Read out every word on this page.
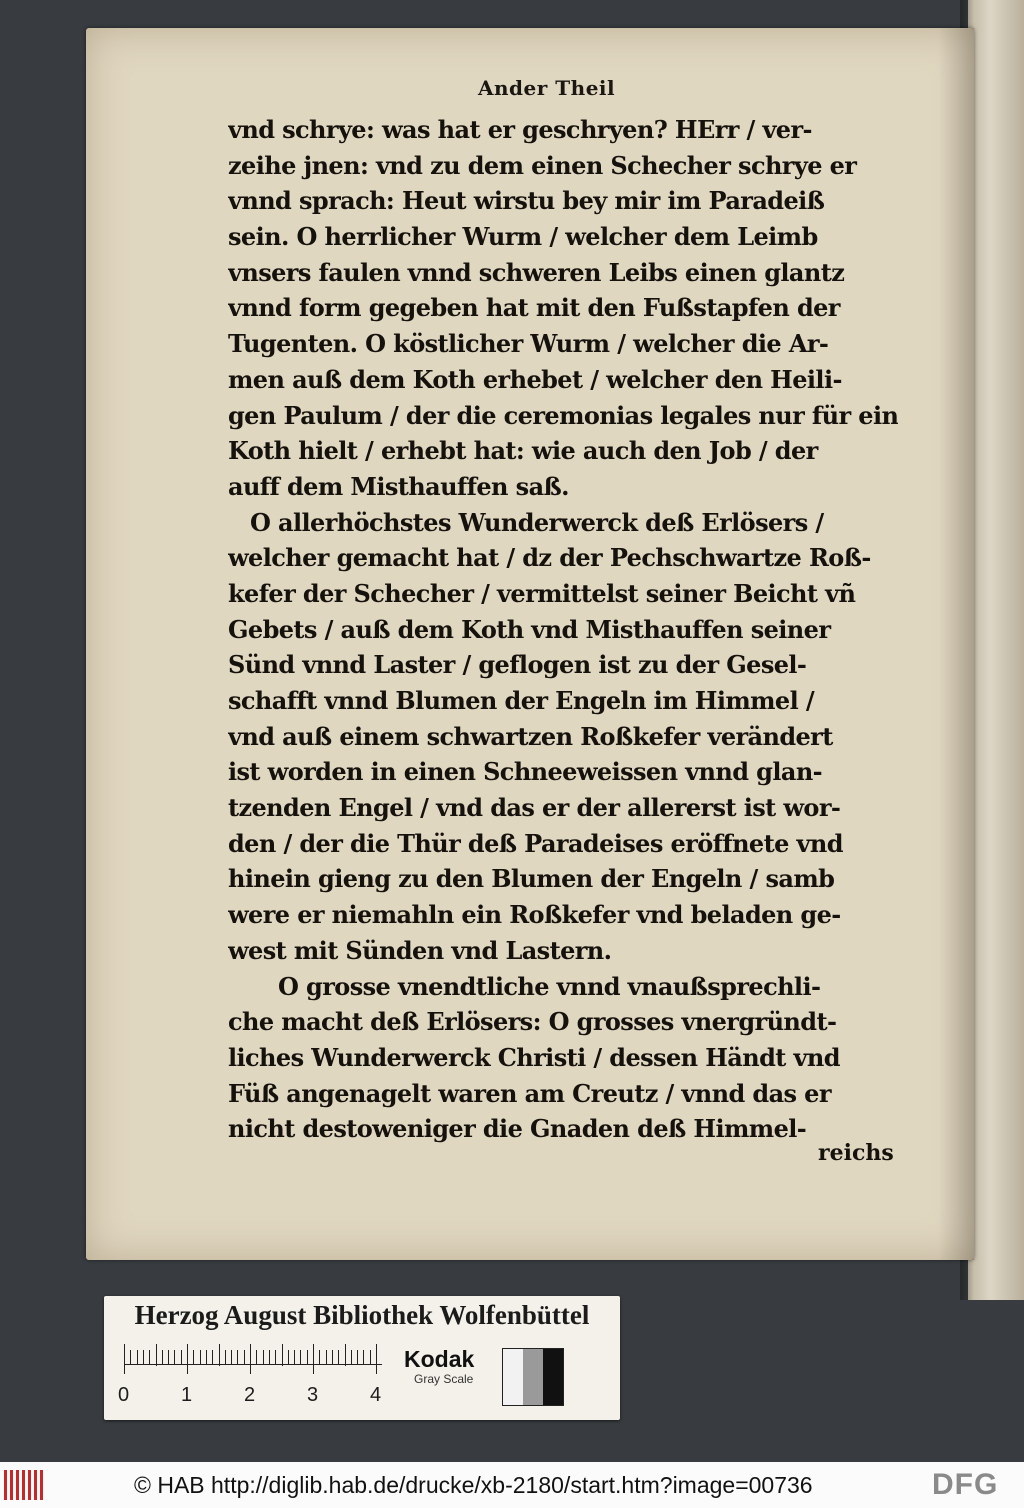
Ander Theil
vnd schrye: was hat er geschryen? HErr / ver-
zeihe jnen: vnd zu dem einen Schecher schrye er
vnnd sprach: Heut wirstu bey mir im Paradeiß
sein. O herrlicher Wurm / welcher dem Leimb
vnsers faulen vnnd schweren Leibs einen glantz
vnnd form gegeben hat mit den Fußstapfen der
Tugenten. O köstlicher Wurm / welcher die Ar-
men auß dem Koth erhebet / welcher den Heili-
gen Paulum / der die ceremonias legales nur für ein
Koth hielt / erhebt hat: wie auch den Job / der
auff dem Misthauffen saß.
O allerhöchstes Wunderwerck deß Erlösers /
welcher gemacht hat / dz der Pechschwartze Roß-
kefer der Schecher / vermittelst seiner Beicht vñ
Gebets / auß dem Koth vnd Misthauffen seiner
Sünd vnnd Laster / geflogen ist zu der Gesel-
schafft vnnd Blumen der Engeln im Himmel /
vnd auß einem schwartzen Roßkefer verändert
ist worden in einen Schneeweissen vnnd glan-
tzenden Engel / vnd das er der allererst ist wor-
den / der die Thür deß Paradeises eröffnete vnd
hinein gieng zu den Blumen der Engeln / samb
were er niemahln ein Roßkefer vnd beladen ge-
west mit Sünden vnd Lastern.
O grosse vnendtliche vnnd vnaußsprechli-
che macht deß Erlösers: O grosses vnergründt-
liches Wunderwerck Christi / dessen Händt vnd
Füß angenagelt waren am Creutz / vnnd das er
nicht destoweniger die Gnaden deß Himmel-
reichs
Herzog August Bibliothek Wolfenbüttel
0	1	2	3	4
Kodak
Gray Scale
© HAB http://diglib.hab.de/drucke/xb-2180/start.htm?image=00736	DFG
